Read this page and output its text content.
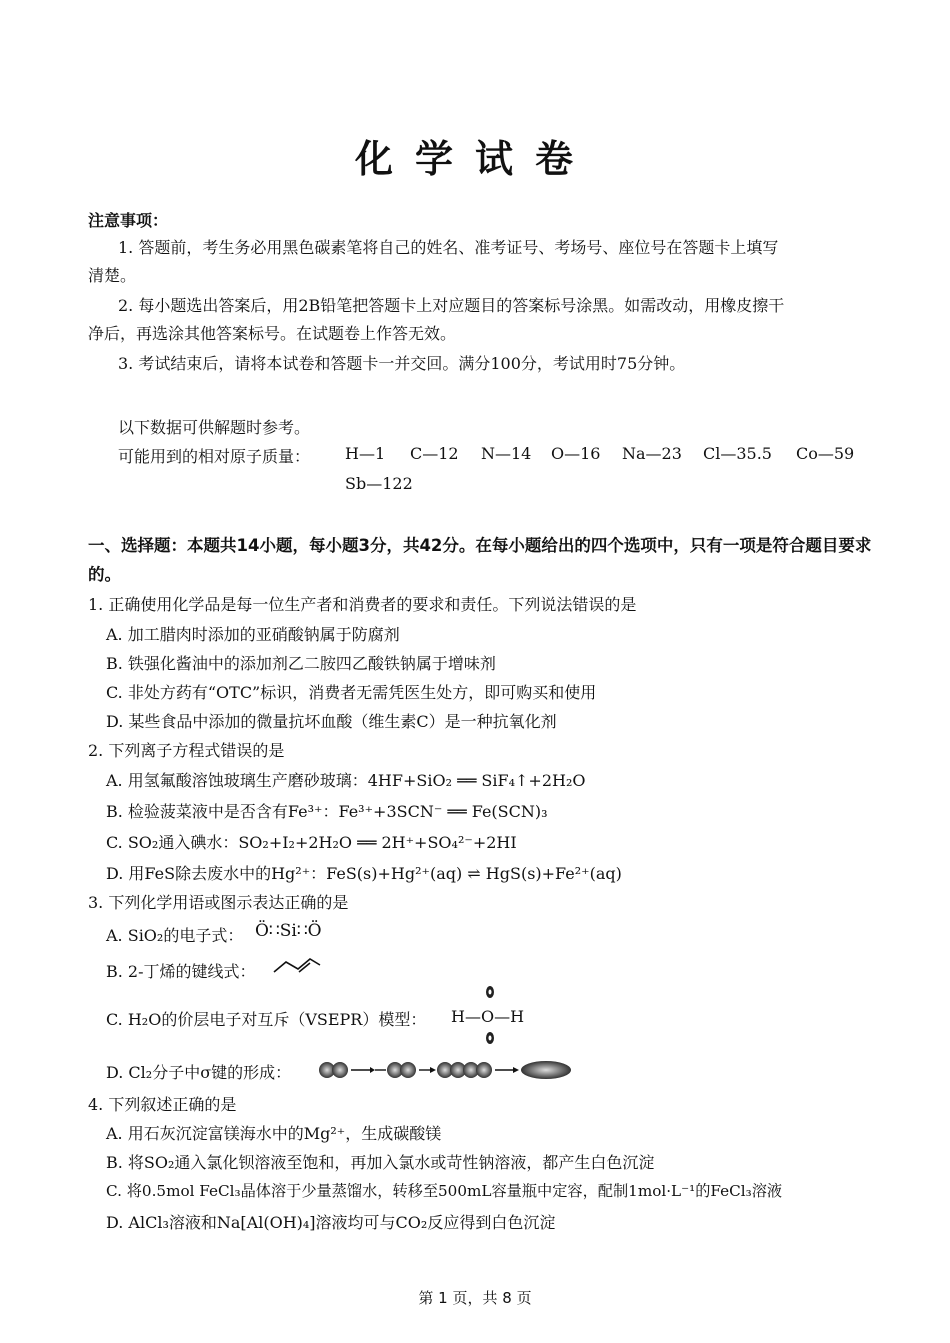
化学试卷
注意事项：
1. 答题前，考生务必用黑色碳素笔将自己的姓名、准考证号、考场号、座位号在答题卡上填写
清楚。
2. 每小题选出答案后，用2B铅笔把答题卡上对应题目的答案标号涂黑。如需改动，用橡皮擦干
净后，再选涂其他答案标号。在试题卷上作答无效。
3. 考试结束后，请将本试卷和答题卡一并交回。满分100分，考试用时75分钟。
以下数据可供解题时参考。
可能用到的相对原子质量： H—1 C—12 N—14 O—16 Na—23 Cl—35.5 Co—59
Sb—122
一、选择题：本题共14小题，每小题3分，共42分。在每小题给出的四个选项中，只有一项是符合题目要求的。
1. 正确使用化学品是每一位生产者和消费者的要求和责任。下列说法错误的是
A. 加工腊肉时添加的亚硝酸钠属于防腐剂
B. 铁强化酱油中的添加剂乙二胺四乙酸铁钠属于增味剂
C. 非处方药有“OTC”标识，消费者无需凭医生处方，即可购买和使用
D. 某些食品中添加的微量抗坏血酸（维生素C）是一种抗氧化剂
2. 下列离子方程式错误的是
A. 用氢氟酸溶蚀玻璃生产磨砂玻璃：4HF+SiO₂ ══ SiF₄↑+2H₂O
B. 检验菠菜液中是否含有Fe³⁺：Fe³⁺+3SCN⁻ ══ Fe(SCN)₃
C. SO₂通入碘水：SO₂+I₂+2H₂O ══ 2H⁺+SO₄²⁻+2HI
D. 用FeS除去废水中的Hg²⁺：FeS(s)+Hg²⁺(aq) ⇌ HgS(s)+Fe²⁺(aq)
3. 下列化学用语或图示表达正确的是
A. SiO₂的电子式： Ö∷Si∷Ö
B. 2-丁烯的键线式：
C. H₂O的价层电子对互斥（VSEPR）模型： H—O—H
D. Cl₂分子中σ键的形成：
4. 下列叙述正确的是
A. 用石灰沉淀富镁海水中的Mg²⁺，生成碳酸镁
B. 将SO₂通入氯化钡溶液至饱和，再加入氯水或苛性钠溶液，都产生白色沉淀
C. 将0.5mol FeCl₃晶体溶于少量蒸馏水，转移至500mL容量瓶中定容，配制1mol·L⁻¹的FeCl₃溶液
D. AlCl₃溶液和Na[Al(OH)₄]溶液均可与CO₂反应得到白色沉淀
第 1 页，共 8 页
